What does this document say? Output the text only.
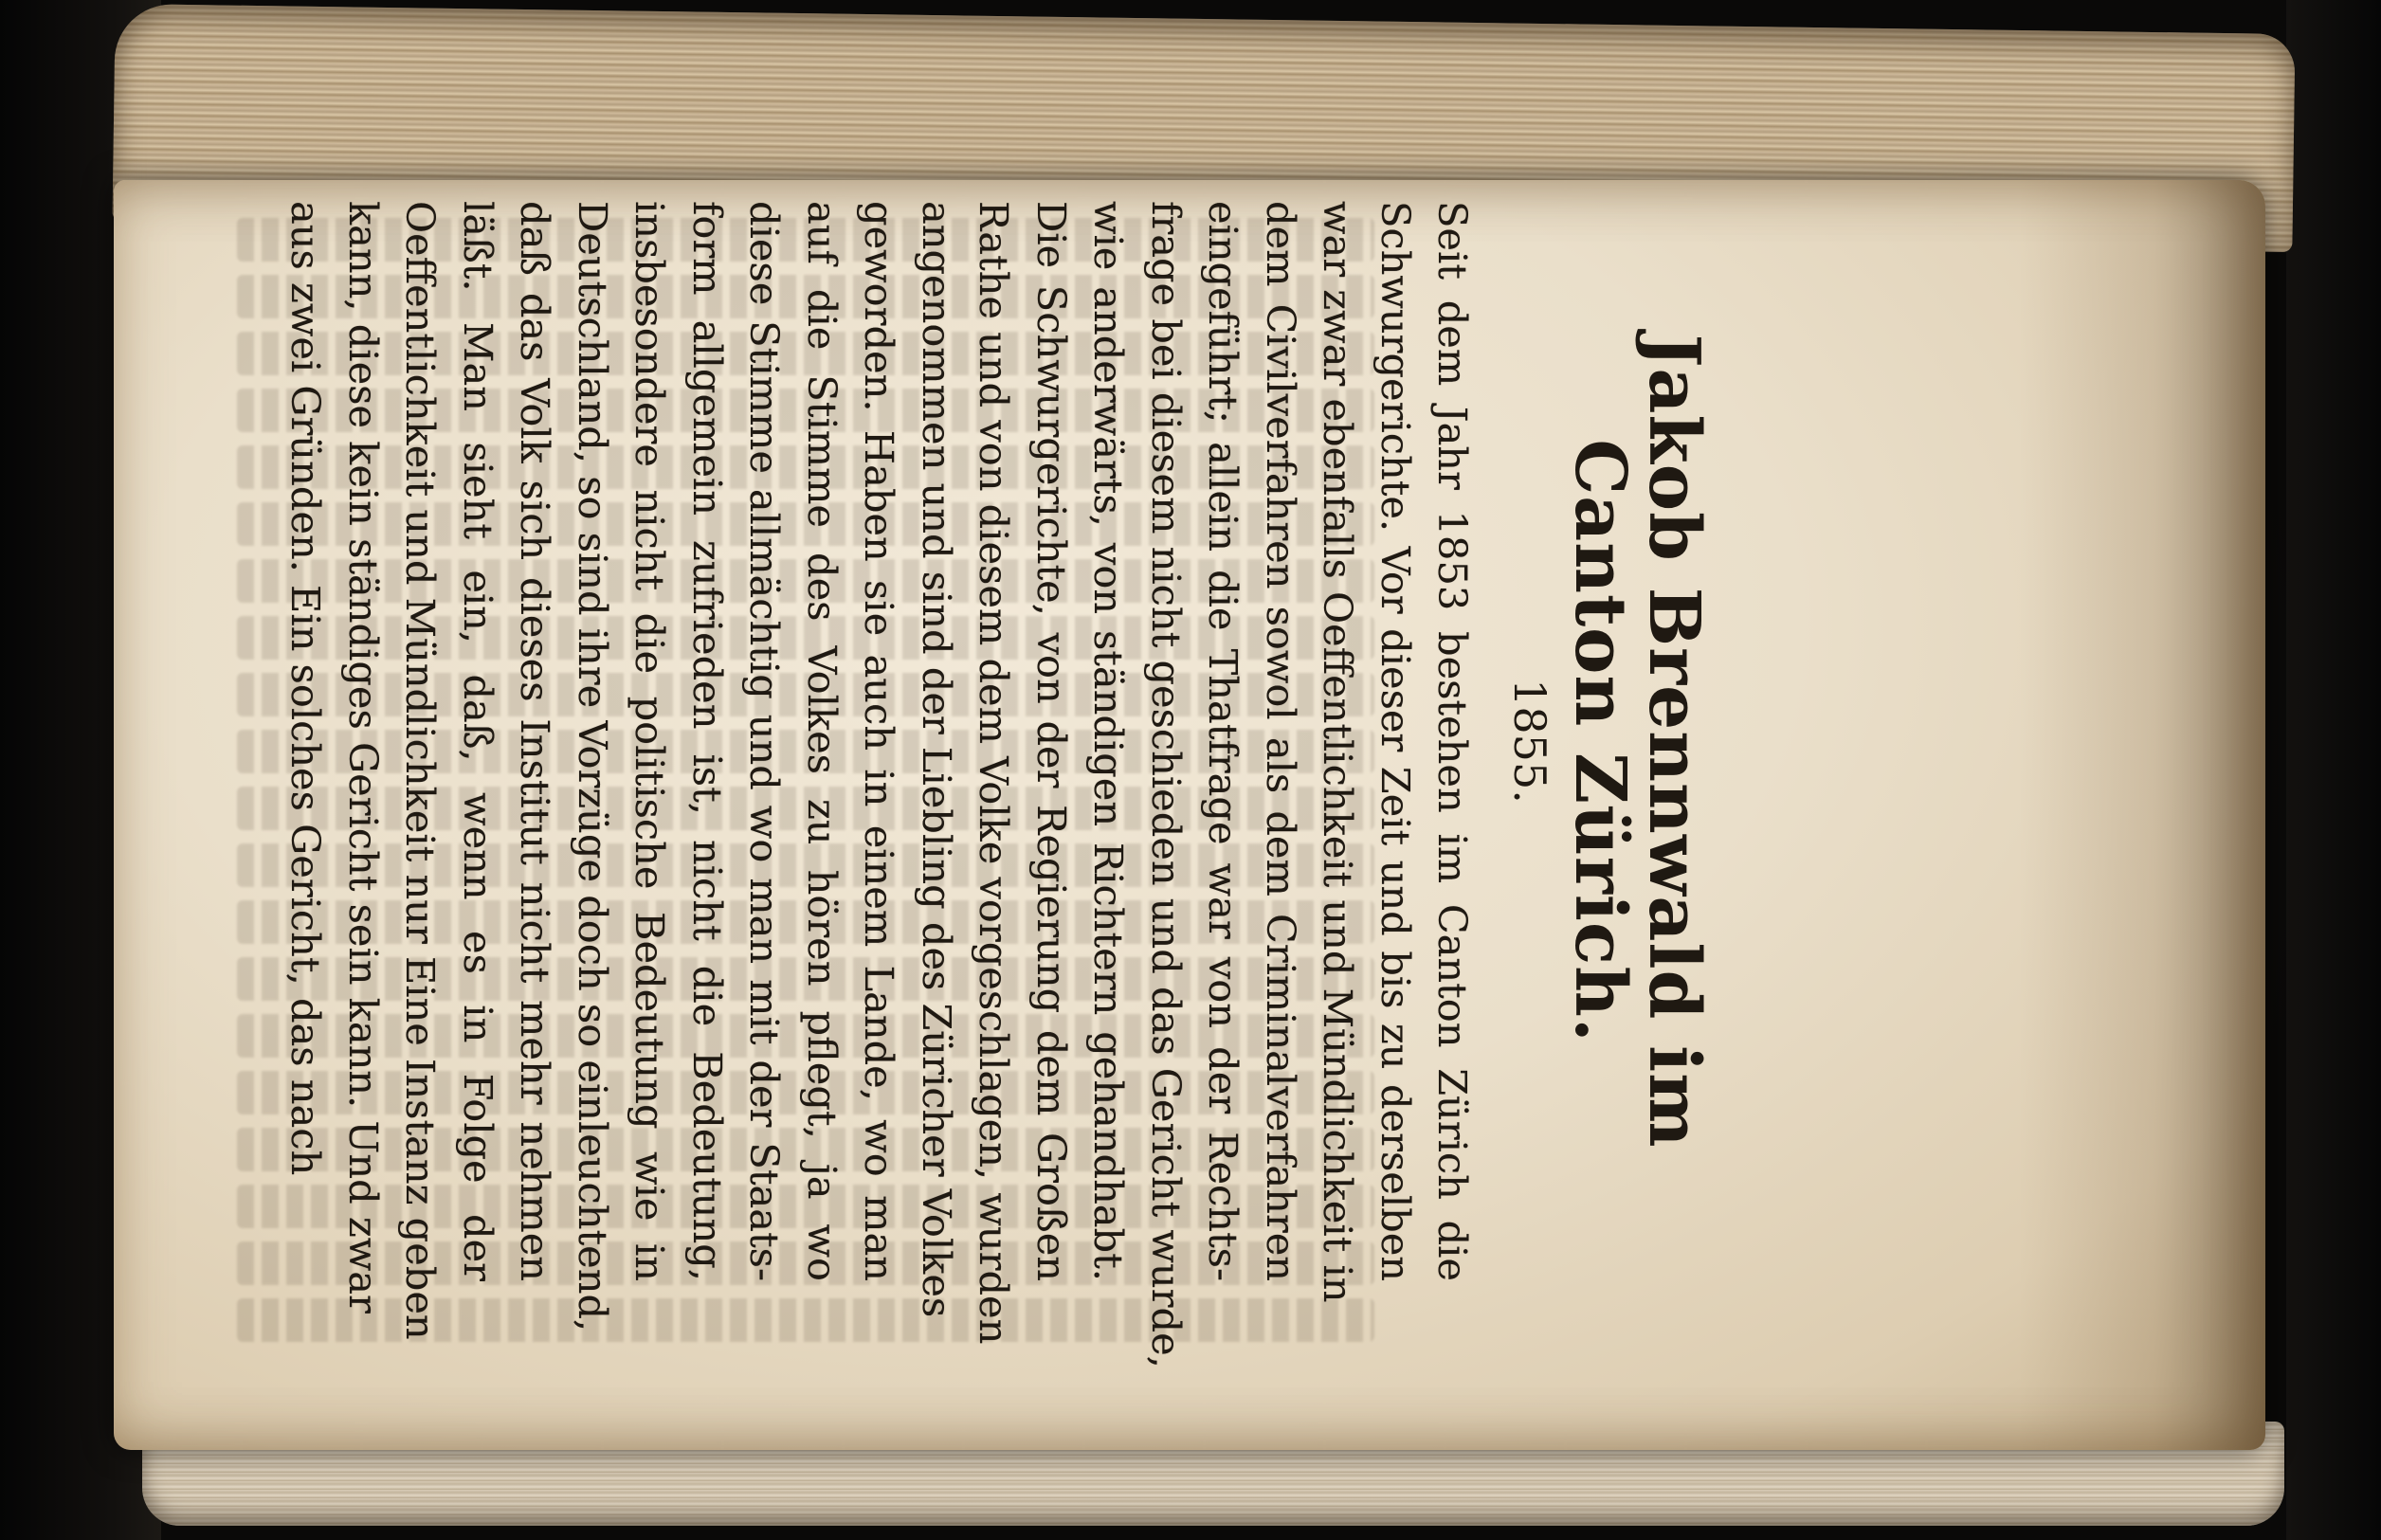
Jakob Brennwald im Canton Zürich.
1855.
Seit dem Jahr 1853 bestehen im Canton Zürich die
Schwurgerichte. Vor dieser Zeit und bis zu derselben
war zwar ebenfalls Oeffentlichkeit und Mündlichkeit in
dem Civilverfahren sowol als dem Criminalverfahren
eingeführt; allein die Thatfrage war von der Rechts-
frage bei diesem nicht geschieden und das Gericht wurde,
wie anderwärts, von ständigen Richtern gehandhabt.
Die Schwurgerichte, von der Regierung dem Großen
Rathe und von diesem dem Volke vorgeschlagen, wurden
angenommen und sind der Liebling des Züricher Volkes
geworden. Haben sie auch in einem Lande, wo man
auf die Stimme des Volkes zu hören pflegt, ja wo
diese Stimme allmächtig und wo man mit der Staats-
form allgemein zufrieden ist, nicht die Bedeutung,
insbesondere nicht die politische Bedeutung wie in
Deutschland, so sind ihre Vorzüge doch so einleuchtend,
daß das Volk sich dieses Institut nicht mehr nehmen
läßt. Man sieht ein, daß, wenn es in Folge der
Oeffentlichkeit und Mündlichkeit nur Eine Instanz geben
kann, diese kein ständiges Gericht sein kann. Und zwar
aus zwei Gründen. Ein solches Gericht, das nach
